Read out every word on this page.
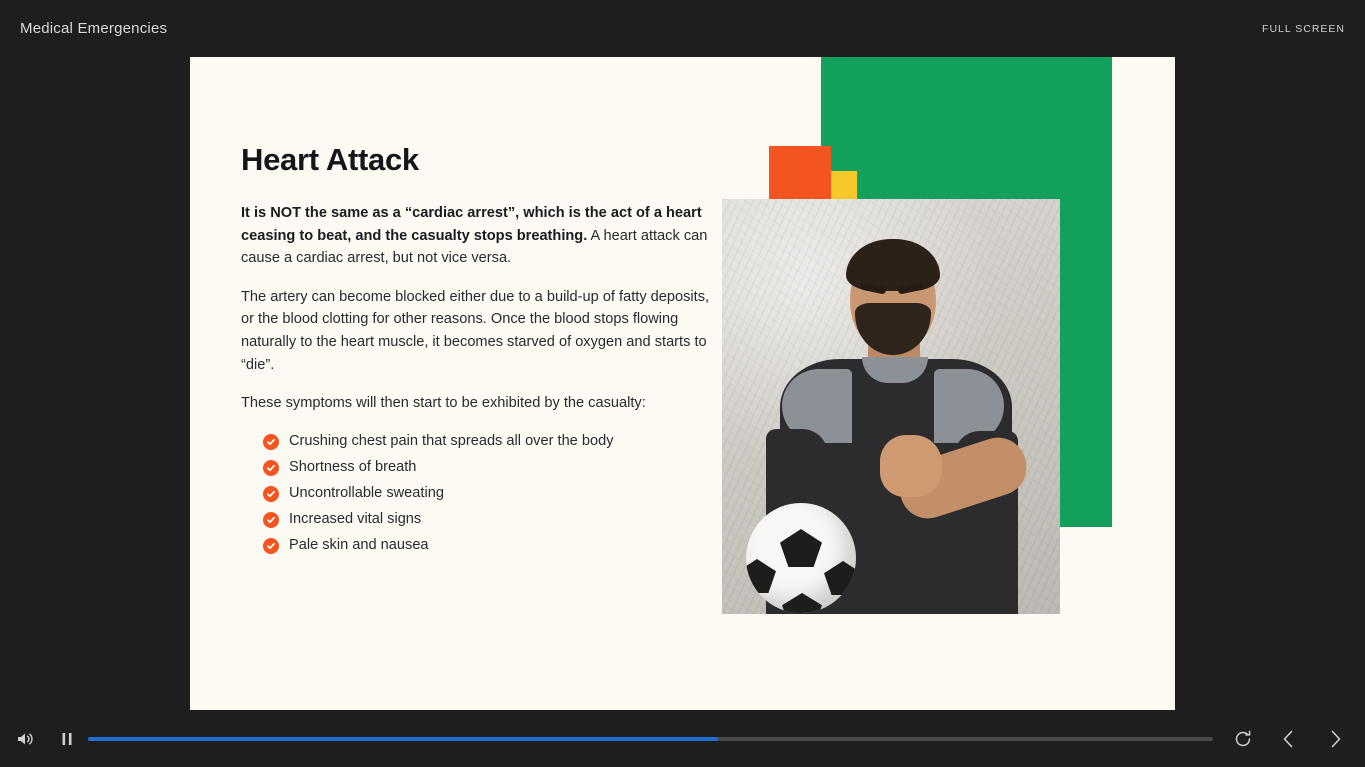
Medical Emergencies	FULL SCREEN
Heart Attack

It is NOT the same as a “cardiac arrest”, which is the act of a heart ceasing to beat, and the casualty stops breathing. A heart attack can cause a cardiac arrest, but not vice versa.

The artery can become blocked either due to a build-up of fatty deposits, or the blood clotting for other reasons. Once the blood stops flowing naturally to the heart muscle, it becomes starved of oxygen and starts to “die”.

These symptoms will then start to be exhibited by the casualty:

Crushing chest pain that spreads all over the body
Shortness of breath
Uncontrollable sweating
Increased vital signs
Pale skin and nausea
